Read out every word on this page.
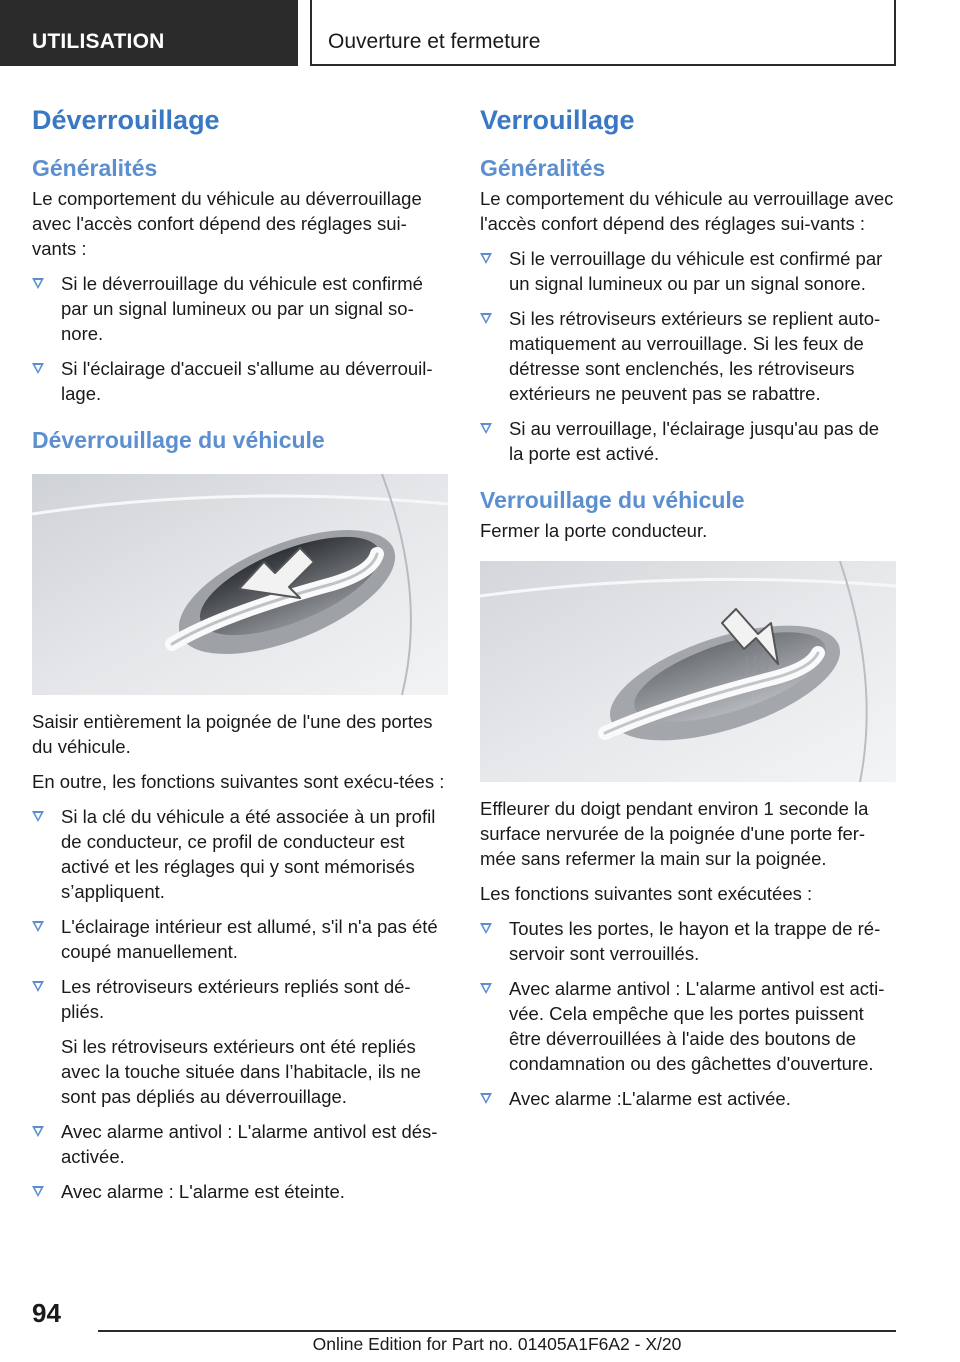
UTILISATION	Ouverture et fermeture
Déverrouillage
Généralités

Le comportement du véhicule au déverrouillage avec l'accès confort dépend des réglages sui-vants :

Si le déverrouillage du véhicule est confirmé par un signal lumineux ou par un signal so-nore.
Si l'éclairage d'accueil s'allume au déverrouil-lage.
Déverrouillage du véhicule

Saisir entièrement la poignée de l'une des portes du véhicule.

En outre, les fonctions suivantes sont exécu-tées :

Si la clé du véhicule a été associée à un profil de conducteur, ce profil de conducteur est activé et les réglages qui y sont mémorisés s’appliquent.
L'éclairage intérieur est allumé, s'il n'a pas été coupé manuellement.
Les rétroviseurs extérieurs repliés sont dé-pliés.
Si les rétroviseurs extérieurs ont été repliés avec la touche située dans l’habitacle, ils ne sont pas dépliés au déverrouillage.
Avec alarme antivol : L'alarme antivol est dés-activée.
Avec alarme : L'alarme est éteinte.
Verrouillage
Généralités

Le comportement du véhicule au verrouillage avec l'accès confort dépend des réglages sui-vants :

Si le verrouillage du véhicule est confirmé par un signal lumineux ou par un signal sonore.
Si les rétroviseurs extérieurs se replient auto-matiquement au verrouillage. Si les feux de détresse sont enclenchés, les rétroviseurs extérieurs ne peuvent pas se rabattre.
Si au verrouillage, l'éclairage jusqu'au pas de la porte est activé.
Verrouillage du véhicule

Fermer la porte conducteur.

Effleurer du doigt pendant environ 1 seconde la surface nervurée de la poignée d'une porte fer-mée sans refermer la main sur la poignée.

Les fonctions suivantes sont exécutées :

Toutes les portes, le hayon et la trappe de ré-servoir sont verrouillés.
Avec alarme antivol : L'alarme antivol est acti-vée. Cela empêche que les portes puissent être déverrouillées à l'aide des boutons de condamnation ou des gâchettes d'ouverture.
Avec alarme :L'alarme est activée.
94
Online Edition for Part no. 01405A1F6A2 - X/20
